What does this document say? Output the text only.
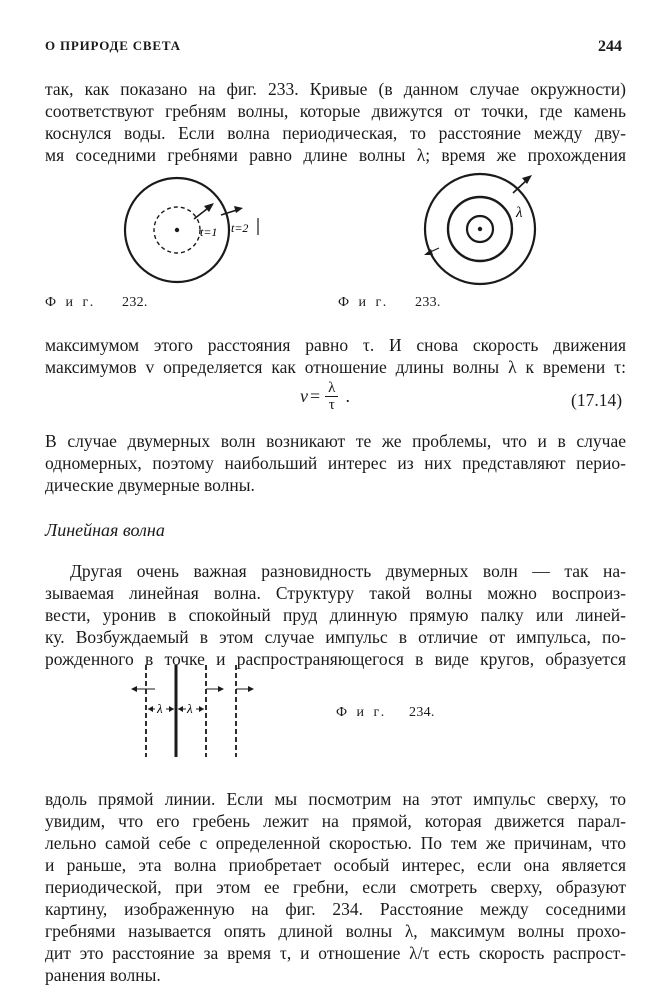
О ПРИРОДЕ СВЕТА	244
так, как показано на фиг. 233. Кривые (в данном случае окружности)
соответствуют гребням волны, которые движутся от точки, где камень
коснулся воды. Если волна периодическая, то расстояние между дву-
мя соседними гребнями равно длине волны λ; время же прохождения
t=1 t=2
Ф и г. 232.
λ
Ф и г. 233.
максимумом этого расстояния равно τ. И снова скорость движения
максимумов v определяется как отношение длины волны λ к времени τ:
$v = \frac{\lambda}{\tau}$ .	(17.14)
В случае двумерных волн возникают те же проблемы, что и в случае
одномерных, поэтому наибольший интерес из них представляют перио-
дические двумерные волны.
Линейная волна
Другая очень важная разновидность двумерных волн — так на-
зываемая линейная волна. Структуру такой волны можно воспроиз-
вести, уронив в спокойный пруд длинную прямую палку или линей-
ку. Возбуждаемый в этом случае импульс в отличие от импульса, по-
рожденного в точке и распространяющегося в виде кругов, образуется
λ λ	Ф и г. 234.
вдоль прямой линии. Если мы посмотрим на этот импульс сверху, то
увидим, что его гребень лежит на прямой, которая движется парал-
лельно самой себе с определенной скоростью. По тем же причинам, что
и раньше, эта волна приобретает особый интерес, если она является
периодической, при этом ее гребни, если смотреть сверху, образуют
картину, изображенную на фиг. 234. Расстояние между соседними
гребнями называется опять длиной волны λ, максимум волны прохо-
дит это расстояние за время τ, и отношение λ/τ есть скорость распрост-
ранения волны.
